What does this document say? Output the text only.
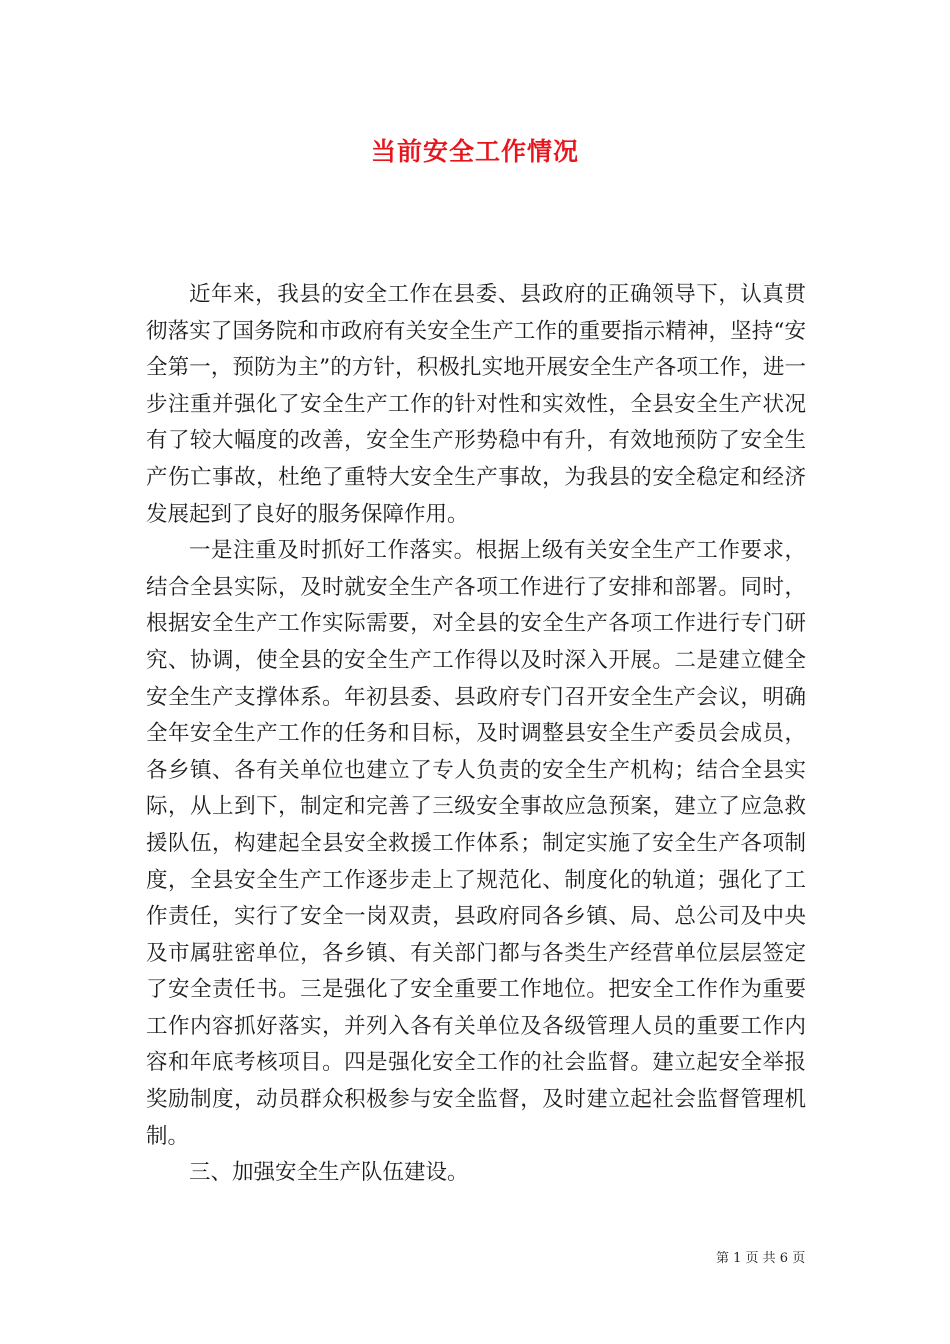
当前安全工作情况

近年来，我县的安全工作在县委、县政府的正确领导下，认真贯彻落实了国务院和市政府有关安全生产工作的重要指示精神，坚持“安全第一，预防为主”的方针，积极扎实地开展安全生产各项工作，进一步注重并强化了安全生产工作的针对性和实效性，全县安全生产状况有了较大幅度的改善，安全生产形势稳中有升，有效地预防了安全生产伤亡事故，杜绝了重特大安全生产事故，为我县的安全稳定和经济发展起到了良好的服务保障作用。

一是注重及时抓好工作落实。根据上级有关安全生产工作要求，结合全县实际，及时就安全生产各项工作进行了安排和部署。同时，根据安全生产工作实际需要，对全县的安全生产各项工作进行专门研究、协调，使全县的安全生产工作得以及时深入开展。二是建立健全安全生产支撑体系。年初县委、县政府专门召开安全生产会议，明确全年安全生产工作的任务和目标，及时调整县安全生产委员会成员，各乡镇、各有关单位也建立了专人负责的安全生产机构；结合全县实际，从上到下，制定和完善了三级安全事故应急预案，建立了应急救援队伍，构建起全县安全救援工作体系；制定实施了安全生产各项制度，全县安全生产工作逐步走上了规范化、制度化的轨道；强化了工作责任，实行了安全一岗双责，县政府同各乡镇、局、总公司及中央及市属驻密单位，各乡镇、有关部门都与各类生产经营单位层层签定了安全责任书。三是强化了安全重要工作地位。把安全工作作为重要工作内容抓好落实，并列入各有关单位及各级管理人员的重要工作内容和年底考核项目。四是强化安全工作的社会监督。建立起安全举报奖励制度，动员群众积极参与安全监督，及时建立起社会监督管理机制。

三、加强安全生产队伍建设。

第 1 页 共 6 页
